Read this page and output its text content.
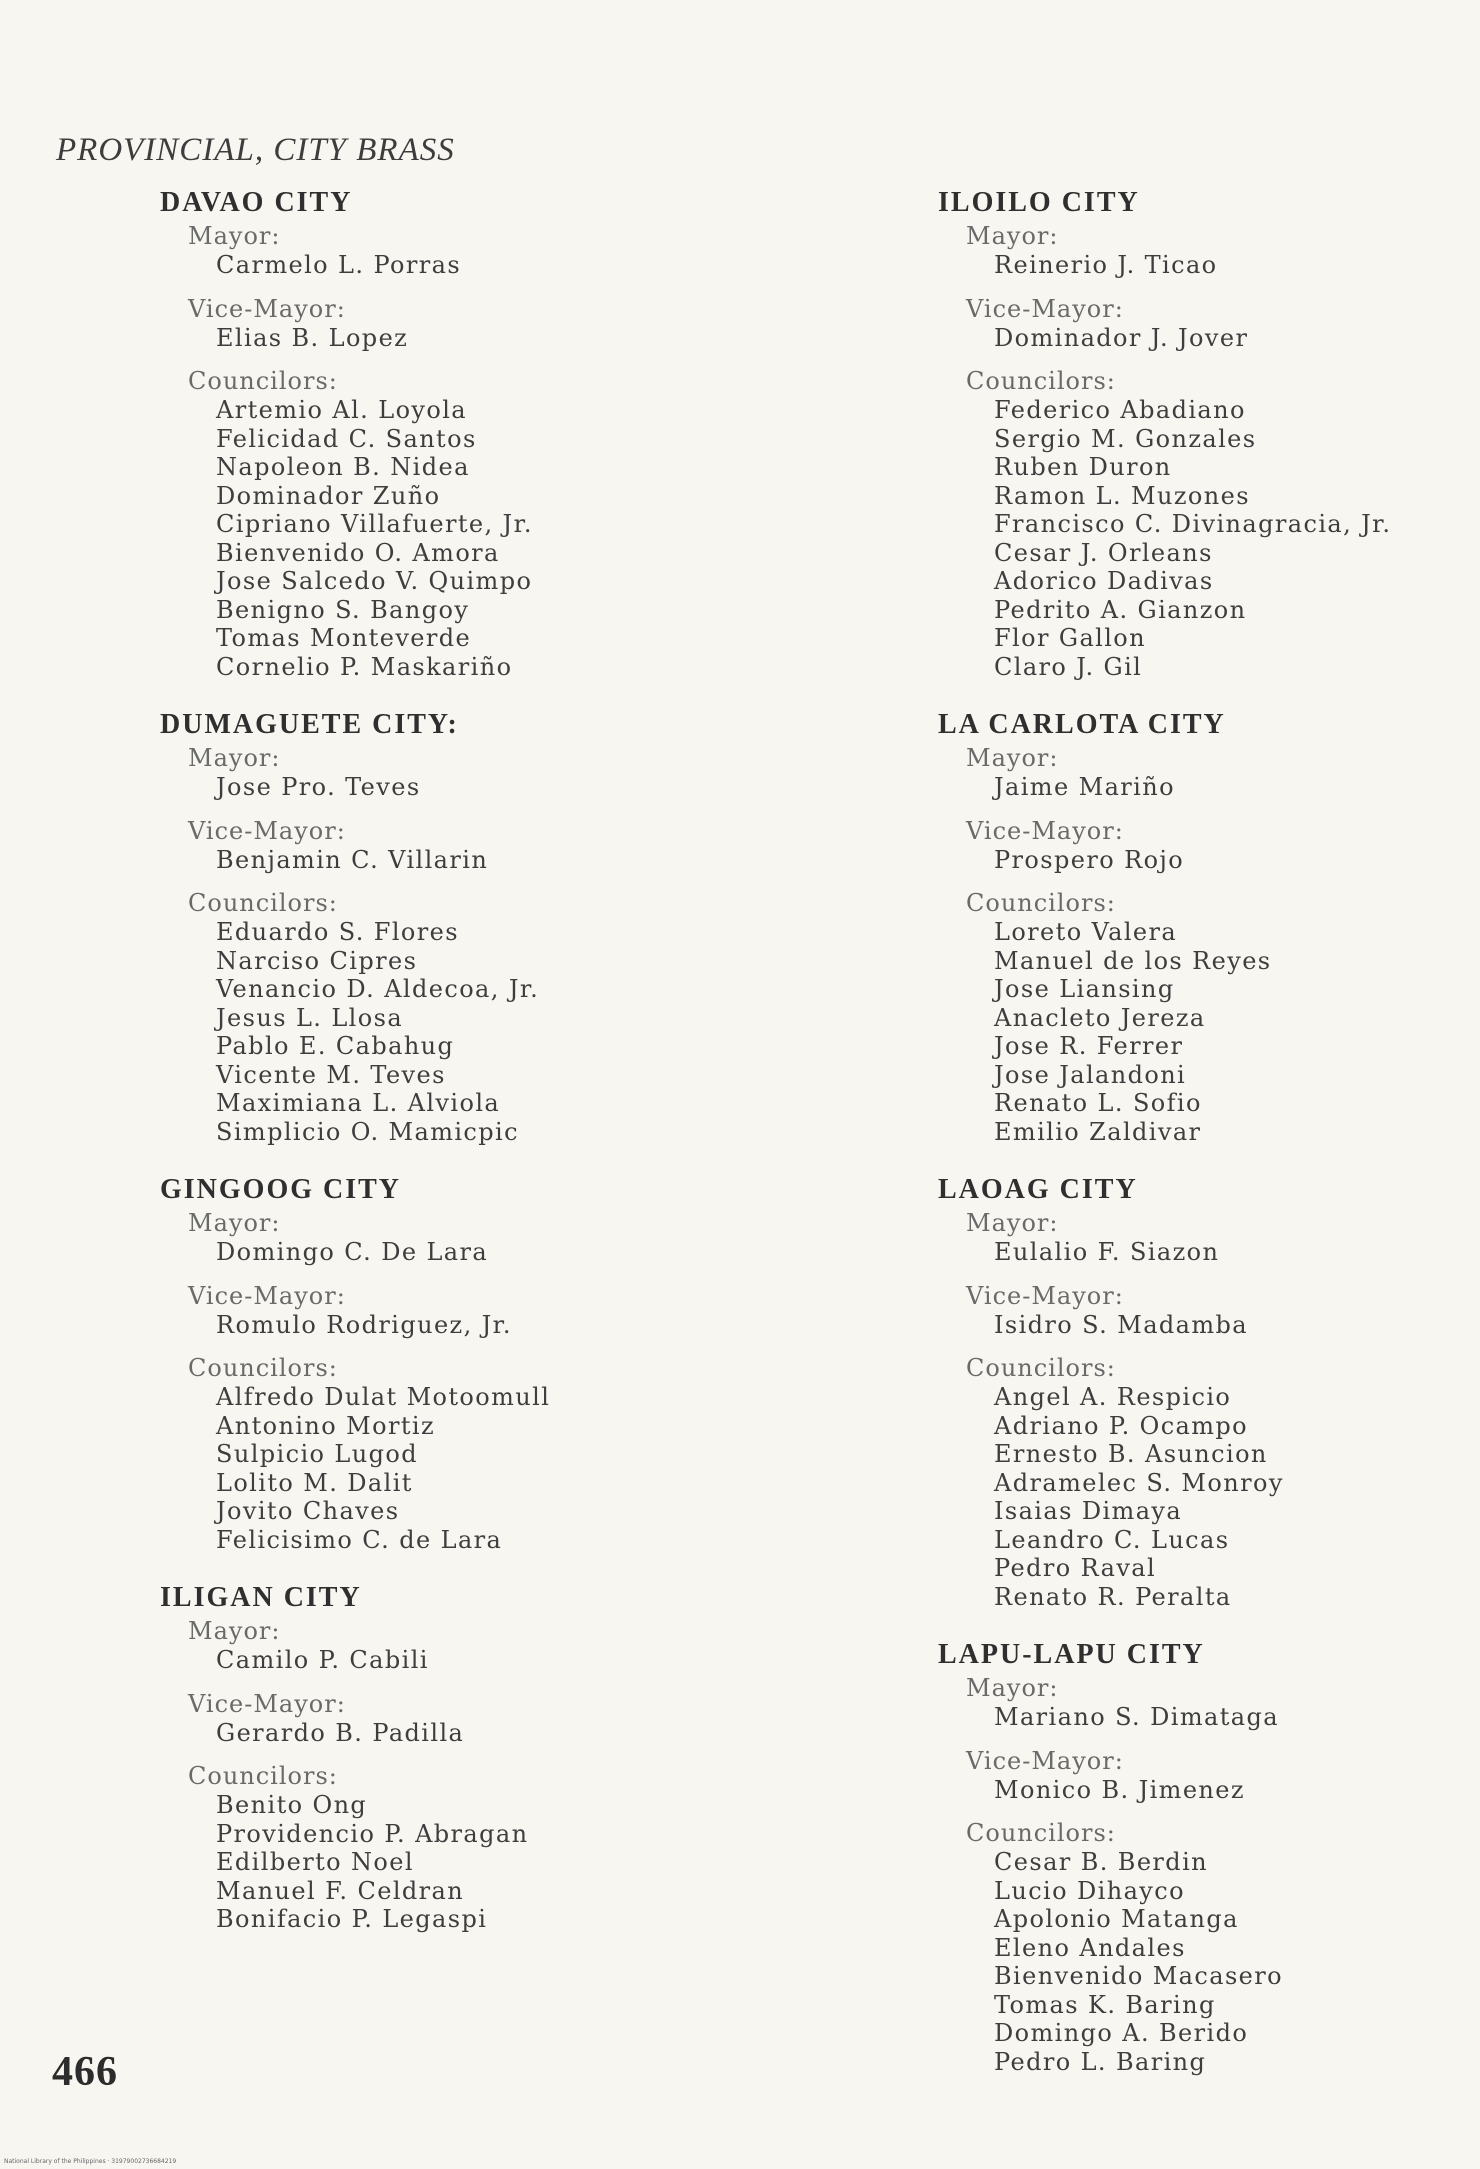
PROVINCIAL, CITY BRASS
DAVAO CITY
Mayor:
Carmelo L. Porras
Vice-Mayor:
Elias B. Lopez
Councilors:
Artemio Al. Loyola
Felicidad C. Santos
Napoleon B. Nidea
Dominador Zuño
Cipriano Villafuerte, Jr.
Bienvenido O. Amora
Jose Salcedo V. Quimpo
Benigno S. Bangoy
Tomas Monteverde
Cornelio P. Maskariño
DUMAGUETE CITY:
Mayor:
Jose Pro. Teves
Vice-Mayor:
Benjamin C. Villarin
Councilors:
Eduardo S. Flores
Narciso Cipres
Venancio D. Aldecoa, Jr.
Jesus L. Llosa
Pablo E. Cabahug
Vicente M. Teves
Maximiana L. Alviola
Simplicio O. Mamicpic
GINGOOG CITY
Mayor:
Domingo C. De Lara
Vice-Mayor:
Romulo Rodriguez, Jr.
Councilors:
Alfredo Dulat Motoomull
Antonino Mortiz
Sulpicio Lugod
Lolito M. Dalit
Jovito Chaves
Felicisimo C. de Lara
ILIGAN CITY
Mayor:
Camilo P. Cabili
Vice-Mayor:
Gerardo B. Padilla
Councilors:
Benito Ong
Providencio P. Abragan
Edilberto Noel
Manuel F. Celdran
Bonifacio P. Legaspi
ILOILO CITY
Mayor:
Reinerio J. Ticao
Vice-Mayor:
Dominador J. Jover
Councilors:
Federico Abadiano
Sergio M. Gonzales
Ruben Duron
Ramon L. Muzones
Francisco C. Divinagracia, Jr.
Cesar J. Orleans
Adorico Dadivas
Pedrito A. Gianzon
Flor Gallon
Claro J. Gil
LA CARLOTA CITY
Mayor:
Jaime Mariño
Vice-Mayor:
Prospero Rojo
Councilors:
Loreto Valera
Manuel de los Reyes
Jose Liansing
Anacleto Jereza
Jose R. Ferrer
Jose Jalandoni
Renato L. Sofio
Emilio Zaldivar
LAOAG CITY
Mayor:
Eulalio F. Siazon
Vice-Mayor:
Isidro S. Madamba
Councilors:
Angel A. Respicio
Adriano P. Ocampo
Ernesto B. Asuncion
Adramelec S. Monroy
Isaias Dimaya
Leandro C. Lucas
Pedro Raval
Renato R. Peralta
LAPU-LAPU CITY
Mayor:
Mariano S. Dimataga
Vice-Mayor:
Monico B. Jimenez
Councilors:
Cesar B. Berdin
Lucio Dihayco
Apolonio Matanga
Eleno Andales
Bienvenido Macasero
Tomas K. Baring
Domingo A. Berido
Pedro L. Baring
466
National Library of the Philippines · 31979002736684219
